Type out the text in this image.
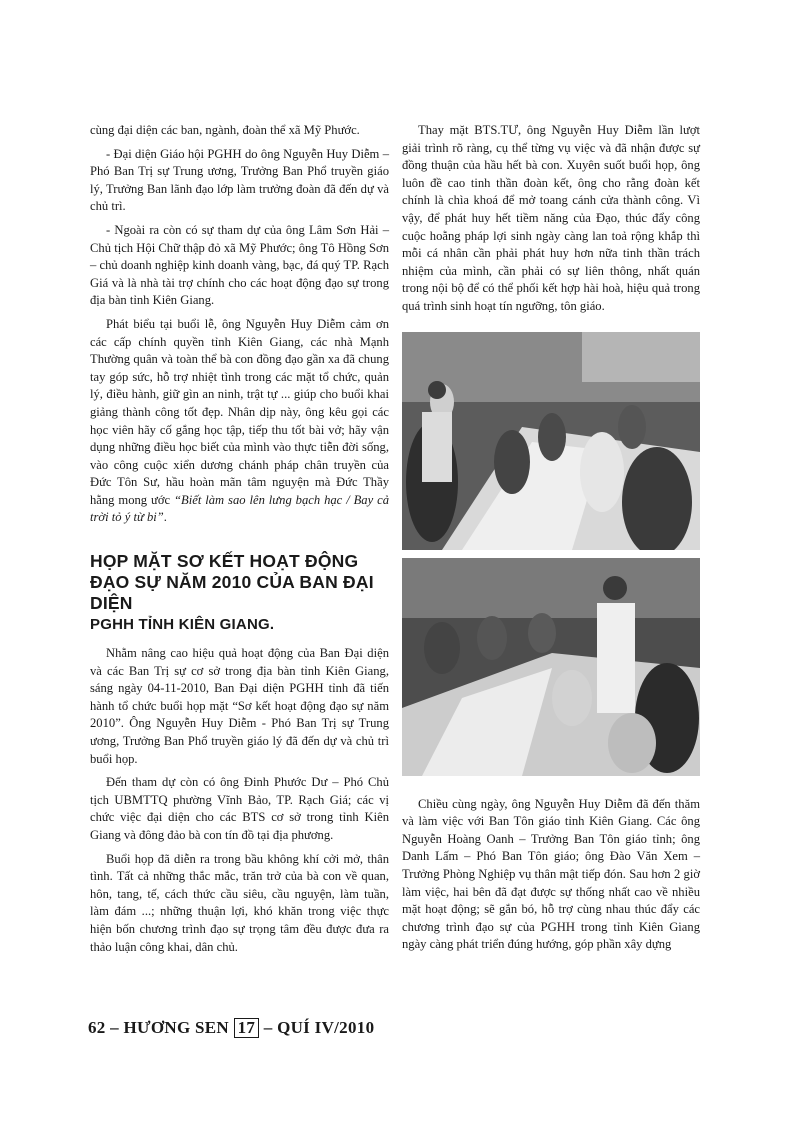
cùng đại diện các ban, ngành, đoàn thể xã Mỹ Phước.

- Đại diện Giáo hội PGHH do ông Nguyễn Huy Diễm – Phó Ban Trị sự Trung ương, Trưởng Ban Phổ truyền giáo lý, Trưởng Ban lãnh đạo lớp làm trưởng đoàn đã đến dự và chủ trì.

- Ngoài ra còn có sự tham dự của ông Lâm Sơn Hải – Chủ tịch Hội Chữ thập đỏ xã Mỹ Phước; ông Tô Hồng Sơn – chủ doanh nghiệp kinh doanh vàng, bạc, đá quý TP. Rạch Giá và là nhà tài trợ chính cho các hoạt động đạo sự trong địa bàn tỉnh Kiên Giang.

Phát biểu tại buổi lễ, ông Nguyễn Huy Diễm cảm ơn các cấp chính quyền tỉnh Kiên Giang, các nhà Mạnh Thường quân và toàn thể bà con đồng đạo gần xa đã chung tay góp sức, hỗ trợ nhiệt tình trong các mặt tổ chức, quản lý, điều hành, giữ gìn an ninh, trật tự ... giúp cho buổi khai giảng thành công tốt đẹp. Nhân dịp này, ông kêu gọi các học viên hãy cố gắng học tập, tiếp thu tốt bài vở; hãy vận dụng những điều học biết của mình vào thực tiễn đời sống, vào công cuộc xiển dương chánh pháp chân truyền của Đức Tôn Sư, hầu hoàn mãn tâm nguyện mà Đức Thầy hằng mong ước “Biết làm sao lên lưng bạch hạc / Bay cả trời tỏ ý từ bi”.

HỌP MẶT SƠ KẾT HOẠT ĐỘNG ĐẠO SỰ NĂM 2010 CỦA BAN ĐẠI DIỆN
PGHH TỈNH KIÊN GIANG.

Nhằm nâng cao hiệu quả hoạt động của Ban Đại diện và các Ban Trị sự cơ sở trong địa bàn tỉnh Kiên Giang, sáng ngày 04-11-2010, Ban Đại diện PGHH tỉnh đã tiến hành tổ chức buổi họp mặt “Sơ kết hoạt động đạo sự năm 2010”. Ông Nguyễn Huy Diễm - Phó Ban Trị sự Trung ương, Trưởng Ban Phổ truyền giáo lý đã đến dự và chủ trì buổi họp.

Đến tham dự còn có ông Đinh Phước Dư – Phó Chủ tịch UBMTTQ phường Vĩnh Bảo, TP. Rạch Giá; các vị chức việc đại diện cho các BTS cơ sở trong tỉnh Kiên Giang và đông đảo bà con tín đồ tại địa phương.

Buổi họp đã diễn ra trong bầu không khí cởi mở, thân tình. Tất cả những thắc mắc, trăn trở của bà con về quan, hôn, tang, tế, cách thức cầu siêu, cầu nguyện, làm tuần, làm đám ...; những thuận lợi, khó khăn trong việc thực hiện bốn chương trình đạo sự trọng tâm đều được đưa ra thảo luận công khai, dân chủ.

Thay mặt BTS.TƯ, ông Nguyễn Huy Diễm lần lượt giải trình rõ ràng, cụ thể từng vụ việc và đã nhận được sự đồng thuận của hầu hết bà con. Xuyên suốt buổi họp, ông luôn đề cao tinh thần đoàn kết, ông cho rằng đoàn kết chính là chìa khoá để mở toang cánh cửa thành công. Vì vậy, để phát huy hết tiềm năng của Đạo, thúc đẩy công cuộc hoằng pháp lợi sinh ngày càng lan toả rộng khắp thì mỗi cá nhân cần phải phát huy hơn nữa tinh thần trách nhiệm của mình, cần phải có sự liên thông, nhất quán trong nội bộ để có thể phối kết hợp hài hoà, hiệu quả trong quá trình sinh hoạt tín ngưỡng, tôn giáo.

Chiều cùng ngày, ông Nguyễn Huy Diễm đã đến thăm và làm việc với Ban Tôn giáo tỉnh Kiên Giang. Các ông Nguyễn Hoàng Oanh – Trưởng Ban Tôn giáo tỉnh; ông Danh Lấm – Phó Ban Tôn giáo; ông Đào Văn Xem – Trưởng Phòng Nghiệp vụ thân mật tiếp đón. Sau hơn 2 giờ làm việc, hai bên đã đạt được sự thống nhất cao về nhiều mặt hoạt động; sẽ gắn bó, hỗ trợ cùng nhau thúc đẩy các chương trình đạo sự của PGHH trong tỉnh Kiên Giang ngày càng phát triển đúng hướng, góp phần xây dựng

62 – HƯƠNG SEN 17 – QUÍ IV/2010
